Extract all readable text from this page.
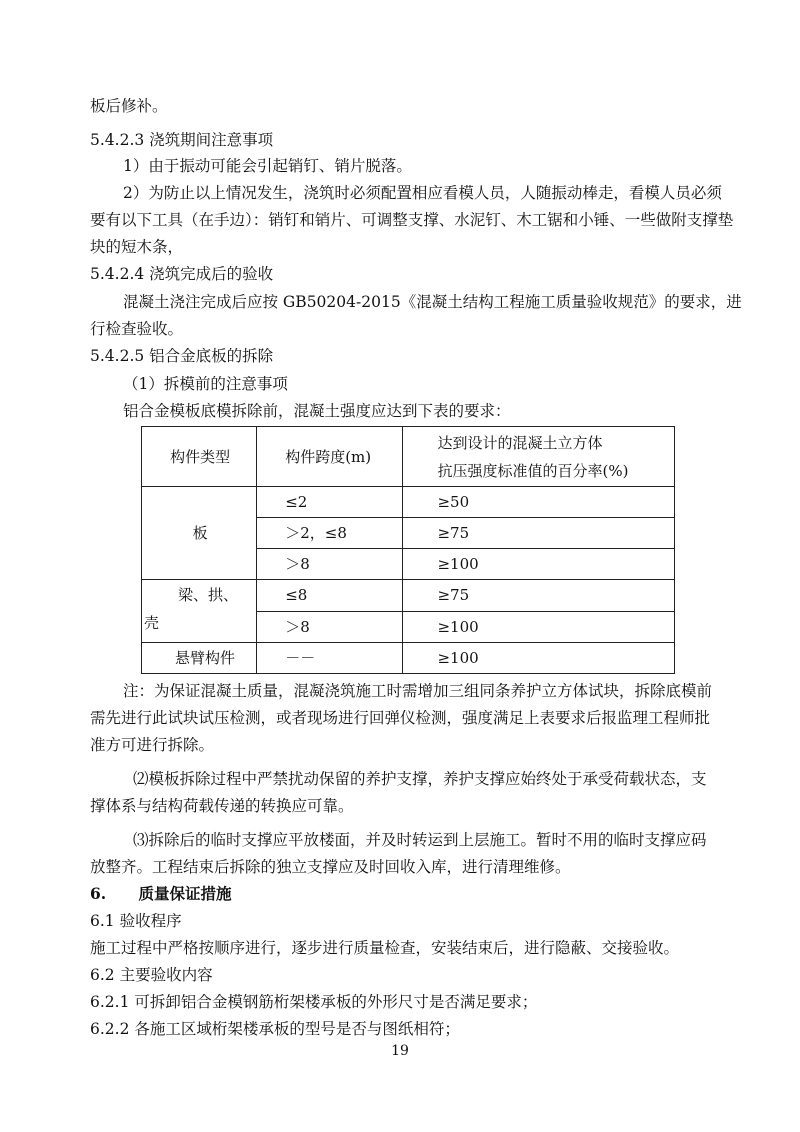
板后修补。
5.4.2.3 浇筑期间注意事项
1）由于振动可能会引起销钉、销片脱落。
2）为防止以上情况发生，浇筑时必须配置相应看模人员，人随振动棒走，看模人员必须
要有以下工具（在手边）：销钉和销片、可调整支撑、水泥钉、木工锯和小锤、一些做附支撑垫
块的短木条，
5.4.2.4 浇筑完成后的验收
混凝土浇注完成后应按 GB50204-2015《混凝土结构工程施工质量验收规范》的要求，进
行检查验收。
5.4.2.5 铝合金底板的拆除
（1）拆模前的注意事项
铝合金模板底模拆除前，混凝土强度应达到下表的要求：
构件类型	构件跨度(m)	达到设计的混凝土立方体
抗压强度标准值的百分率(%)

板	≤2	≥50
	＞2，≤8	≥75
	＞8	≥100

梁、拱、
壳	≤8	≥75
	＞8	≥100
悬臂构件	－－	≥100
注：为保证混凝土质量，混凝浇筑施工时需增加三组同条养护立方体试块，拆除底模前
需先进行此试块试压检测，或者现场进行回弹仪检测，强度满足上表要求后报监理工程师批
准方可进行拆除。
⑵模板拆除过程中严禁扰动保留的养护支撑，养护支撑应始终处于承受荷载状态，支
撑体系与结构荷载传递的转换应可靠。
⑶拆除后的临时支撑应平放楼面，并及时转运到上层施工。暂时不用的临时支撑应码
放整齐。工程结束后拆除的独立支撑应及时回收入库，进行清理维修。
6.      质量保证措施
6.1 验收程序
施工过程中严格按顺序进行，逐步进行质量检查，安装结束后，进行隐蔽、交接验收。
6.2 主要验收内容
6.2.1 可拆卸铝合金模钢筋桁架楼承板的外形尺寸是否满足要求；
6.2.2 各施工区域桁架楼承板的型号是否与图纸相符；
19
